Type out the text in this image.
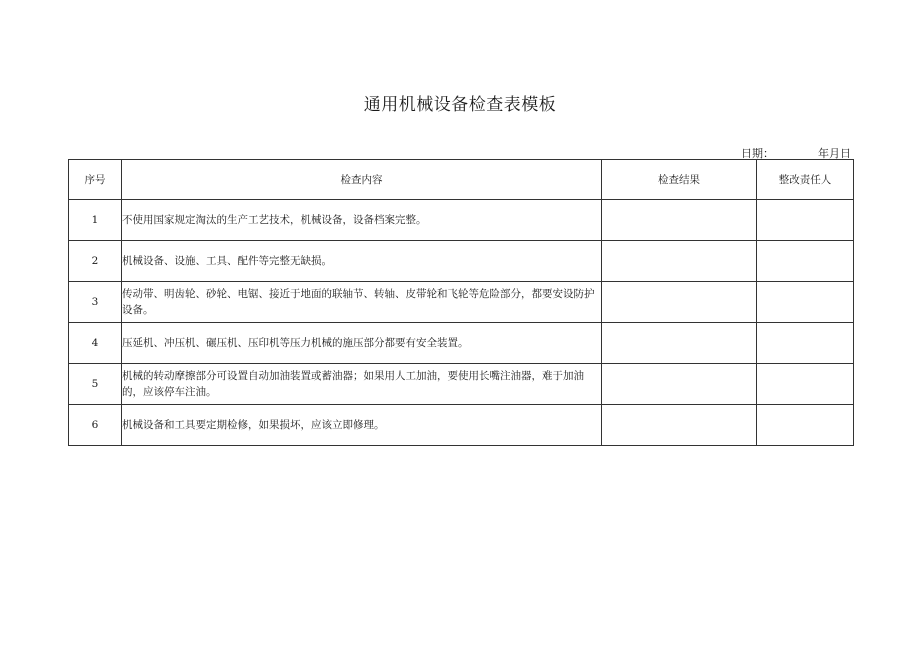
通用机械设备检查表模板
日期：	年月日
序号	检查内容	检查结果	整改责任人
1	不使用国家规定淘汰的生产工艺技术，机械设备，设备档案完整。		
2	机械设备、设施、工具、配件等完整无缺损。		
3	传动带、明齿轮、砂轮、电锯、接近于地面的联轴节、转轴、皮带轮和飞轮等危险部分，都要安设防护设备。		
4	压延机、冲压机、碾压机、压印机等压力机械的施压部分都要有安全装置。		
5	机械的转动摩擦部分可设置自动加油装置或蓄油器；如果用人工加油，要使用长嘴注油器，难于加油的，应该停车注油。		
6	机械设备和工具要定期检修，如果损坏，应该立即修理。		
